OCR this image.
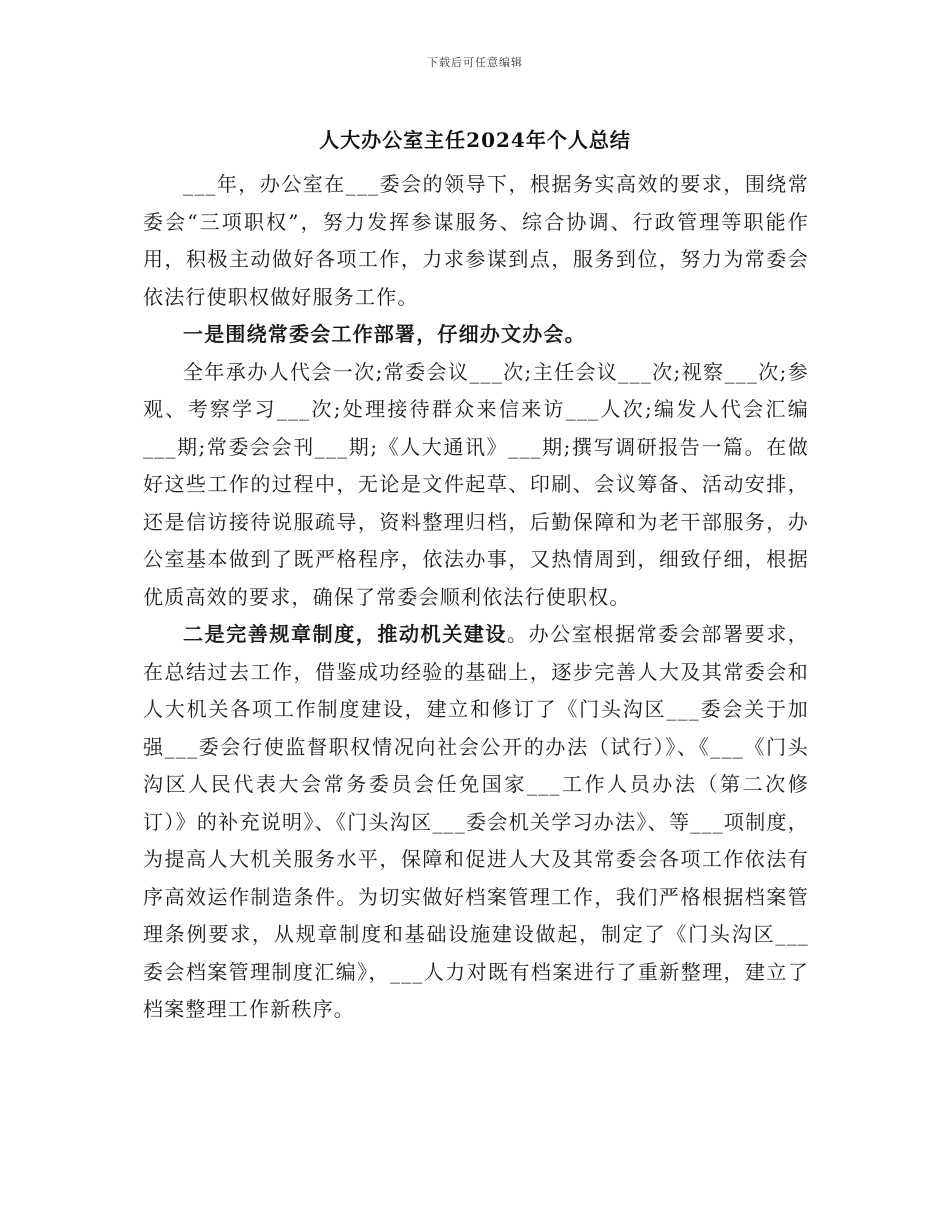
下载后可任意编辑
人大办公室主任2024年个人总结

___年，办公室在___委会的领导下，根据务实高效的要求，围绕常委会“三项职权”，努力发挥参谋服务、综合协调、行政管理等职能作用，积极主动做好各项工作，力求参谋到点，服务到位，努力为常委会依法行使职权做好服务工作。

一是围绕常委会工作部署，仔细办文办会。

全年承办人代会一次;常委会议___次;主任会议___次;视察___次;参观、考察学习___次;处理接待群众来信来访___人次;编发人代会汇编___期;常委会会刊___期;《人大通讯》___期;撰写调研报告一篇。在做好这些工作的过程中，无论是文件起草、印刷、会议筹备、活动安排，还是信访接待说服疏导，资料整理归档，后勤保障和为老干部服务，办公室基本做到了既严格程序，依法办事，又热情周到，细致仔细，根据优质高效的要求，确保了常委会顺利依法行使职权。

二是完善规章制度，推动机关建设。办公室根据常委会部署要求，在总结过去工作，借鉴成功经验的基础上，逐步完善人大及其常委会和人大机关各项工作制度建设，建立和修订了《门头沟区___委会关于加强___委会行使监督职权情况向社会公开的办法（试行）》、《___《门头沟区人民代表大会常务委员会任免国家___工作人员办法（第二次修订）》的补充说明》、《门头沟区___委会机关学习办法》、等___项制度，为提高人大机关服务水平，保障和促进人大及其常委会各项工作依法有序高效运作制造条件。为切实做好档案管理工作，我们严格根据档案管理条例要求，从规章制度和基础设施建设做起，制定了《门头沟区___委会档案管理制度汇编》，___人力对既有档案进行了重新整理，建立了档案整理工作新秩序。
